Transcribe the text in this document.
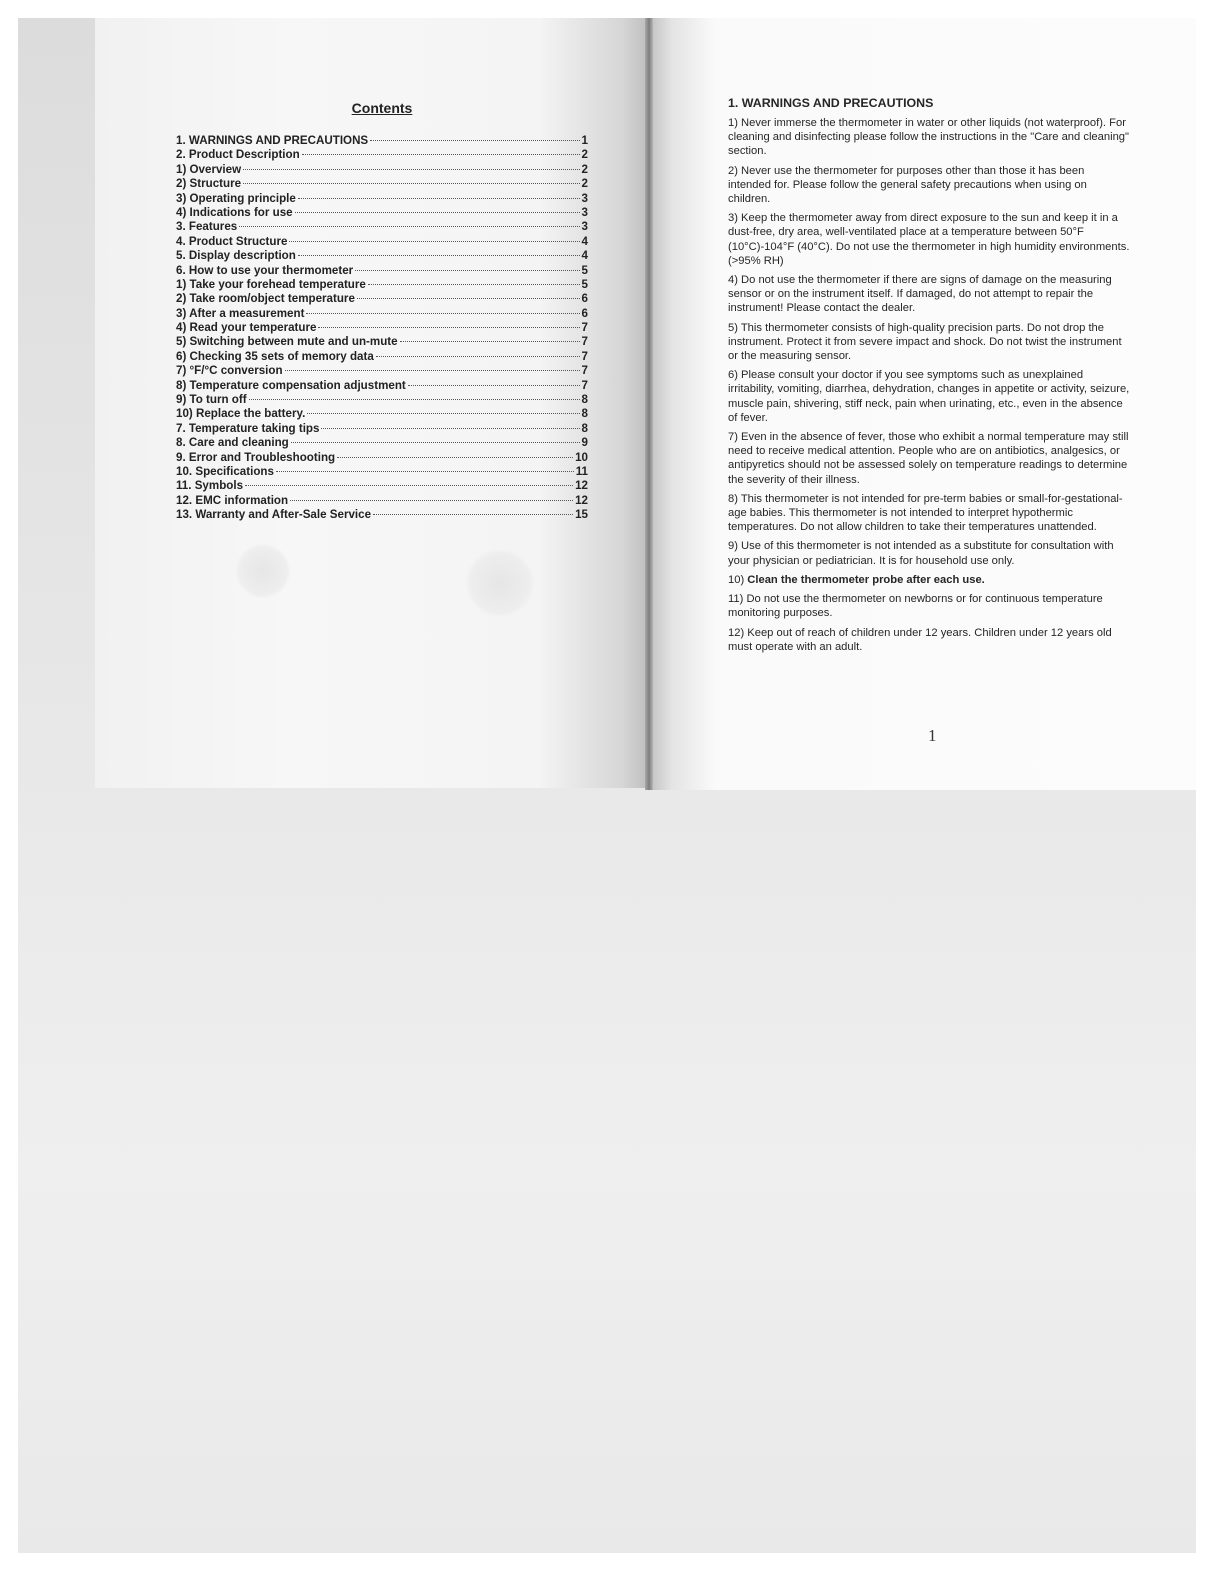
Contents
1. WARNINGS AND PRECAUTIONS	1
2. Product Description	2
1) Overview	2
2) Structure	2
3) Operating principle	3
4) Indications for use	3
3. Features	3
4. Product Structure	4
5. Display description	4
6. How to use your thermometer	5
1) Take your forehead temperature	5
2) Take room/object temperature	6
3) After a measurement	6
4) Read your temperature	7
5) Switching between mute and un-mute	7
6) Checking 35 sets of memory data	7
7) °F/°C conversion	7
8) Temperature compensation adjustment	7
9) To turn off	8
10) Replace the battery.	8
7. Temperature taking tips	8
8. Care and cleaning	9
9. Error and Troubleshooting	10
10. Specifications	11
11. Symbols	12
12. EMC information	12
13. Warranty and After-Sale Service	15
1. WARNINGS AND PRECAUTIONS

1) Never immerse the thermometer in water or other liquids (not waterproof). For cleaning and disinfecting please follow the instructions in the "Care and cleaning" section.

2) Never use the thermometer for purposes other than those it has been intended for. Please follow the general safety precautions when using on children.

3) Keep the thermometer away from direct exposure to the sun and keep it in a dust-free, dry area, well-ventilated place at a temperature between 50°F (10°C)-104°F (40°C). Do not use the thermometer in high humidity environments. (>95% RH)

4) Do not use the thermometer if there are signs of damage on the measuring sensor or on the instrument itself. If damaged, do not attempt to repair the instrument! Please contact the dealer.

5) This thermometer consists of high-quality precision parts. Do not drop the instrument. Protect it from severe impact and shock. Do not twist the instrument or the measuring sensor.

6) Please consult your doctor if you see symptoms such as unexplained irritability, vomiting, diarrhea, dehydration, changes in appetite or activity, seizure, muscle pain, shivering, stiff neck, pain when urinating, etc., even in the absence of fever.

7) Even in the absence of fever, those who exhibit a normal temperature may still need to receive medical attention. People who are on antibiotics, analgesics, or antipyretics should not be assessed solely on temperature readings to determine the severity of their illness.

8) This thermometer is not intended for pre-term babies or small-for-gestational-age babies. This thermometer is not intended to interpret hypothermic temperatures. Do not allow children to take their temperatures unattended.

9) Use of this thermometer is not intended as a substitute for consultation with your physician or pediatrician. It is for household use only.

10) Clean the thermometer probe after each use.

11) Do not use the thermometer on newborns or for continuous temperature monitoring purposes.

12) Keep out of reach of children under 12 years. Children under 12 years old must operate with an adult.

1
